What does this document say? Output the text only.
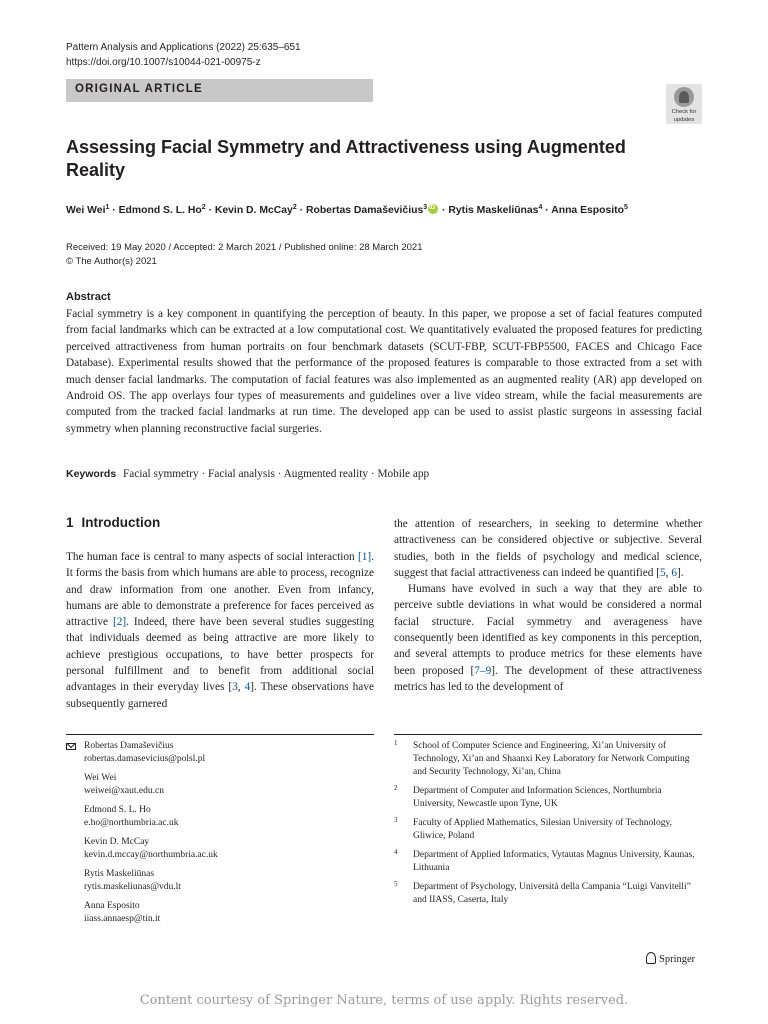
Pattern Analysis and Applications (2022) 25:635–651
https://doi.org/10.1007/s10044-021-00975-z
ORIGINAL ARTICLE
Check for
updates
Assessing Facial Symmetry and Attractiveness using Augmented Reality
Wei Wei$^1$ · Edmond S. L. $Ho^2$ · Kevin D. McCay$^2$ · Robertas Damaševičius$^3$iD · Rytis Maskeliūnas$^4$ · Anna Esposito$^5$
Received: 19 May 2020 / Accepted: 2 March 2021 / Published online: 28 March 2021
© The Author(s) 2021
Abstract
Facial symmetry is a key component in quantifying the perception of beauty. In this paper, we propose a set of facial features computed from facial landmarks which can be extracted at a low computational cost. We quantitatively evaluated the proposed features for predicting perceived attractiveness from human portraits on four benchmark datasets (SCUT-FBP, SCUT-FBP5500, FACES and Chicago Face Database). Experimental results showed that the performance of the proposed features is comparable to those extracted from a set with much denser facial landmarks. The computation of facial features was also implemented as an augmented reality (AR) app developed on Android OS. The app overlays four types of measurements and guidelines over a live video stream, while the facial measurements are computed from the tracked facial landmarks at run time. The developed app can be used to assist plastic surgeons in assessing facial symmetry when planning reconstructive facial surgeries.
Keywords Facial symmetry · Facial analysis · Augmented reality · Mobile app
1 Introduction

The human face is central to many aspects of social interaction [1]. It forms the basis from which humans are able to process, recognize and draw information from one another. Even from infancy, humans are able to demonstrate a preference for faces perceived as attractive [2]. Indeed, there have been several studies suggesting that individuals deemed as being attractive are more likely to achieve prestigious occupations, to have better prospects for personal fulfillment and to benefit from additional social advantages in their everyday lives [3, 4]. These observations have subsequently garnered

the attention of researchers, in seeking to determine whether attractiveness can be considered objective or subjective. Several studies, both in the fields of psychology and medical science, suggest that facial attractiveness can indeed be quantified [5, 6].

Humans have evolved in such a way that they are able to perceive subtle deviations in what would be considered a normal facial structure. Facial symmetry and averageness have consequently been identified as key components in this perception, and several attempts to produce metrics for these elements have been proposed [7–9]. The development of these attractiveness metrics has led to the development of

Robertas Damaševičius
robertas.damasevicius@polsl.pl
Wei Wei
weiwei@xaut.edu.cn
Edmond S. L. Ho
e.ho@northumbria.ac.uk
Kevin D. McCay
kevin.d.mccay@northumbria.ac.uk
Rytis Maskeliūnas
rytis.maskeliunas@vdu.lt
Anna Esposito
iiass.annaesp@tin.it
1 School of Computer Science and Engineering, Xi’an University of Technology, Xi’an and Shaanxi Key Laboratory for Network Computing and Security Technology, Xi’an, China
2 Department of Computer and Information Sciences, Northumbria University, Newcastle upon Tyne, UK
3 Faculty of Applied Mathematics, Silesian University of Technology, Gliwice, Poland
4 Department of Applied Informatics, Vytautas Magnus University, Kaunas, Lithuania
5 Department of Psychology, Università della Campania “Luigi Vanvitelli” and IIASS, Caserta, Italy
Springer
Content courtesy of Springer Nature, terms of use apply. Rights reserved.
